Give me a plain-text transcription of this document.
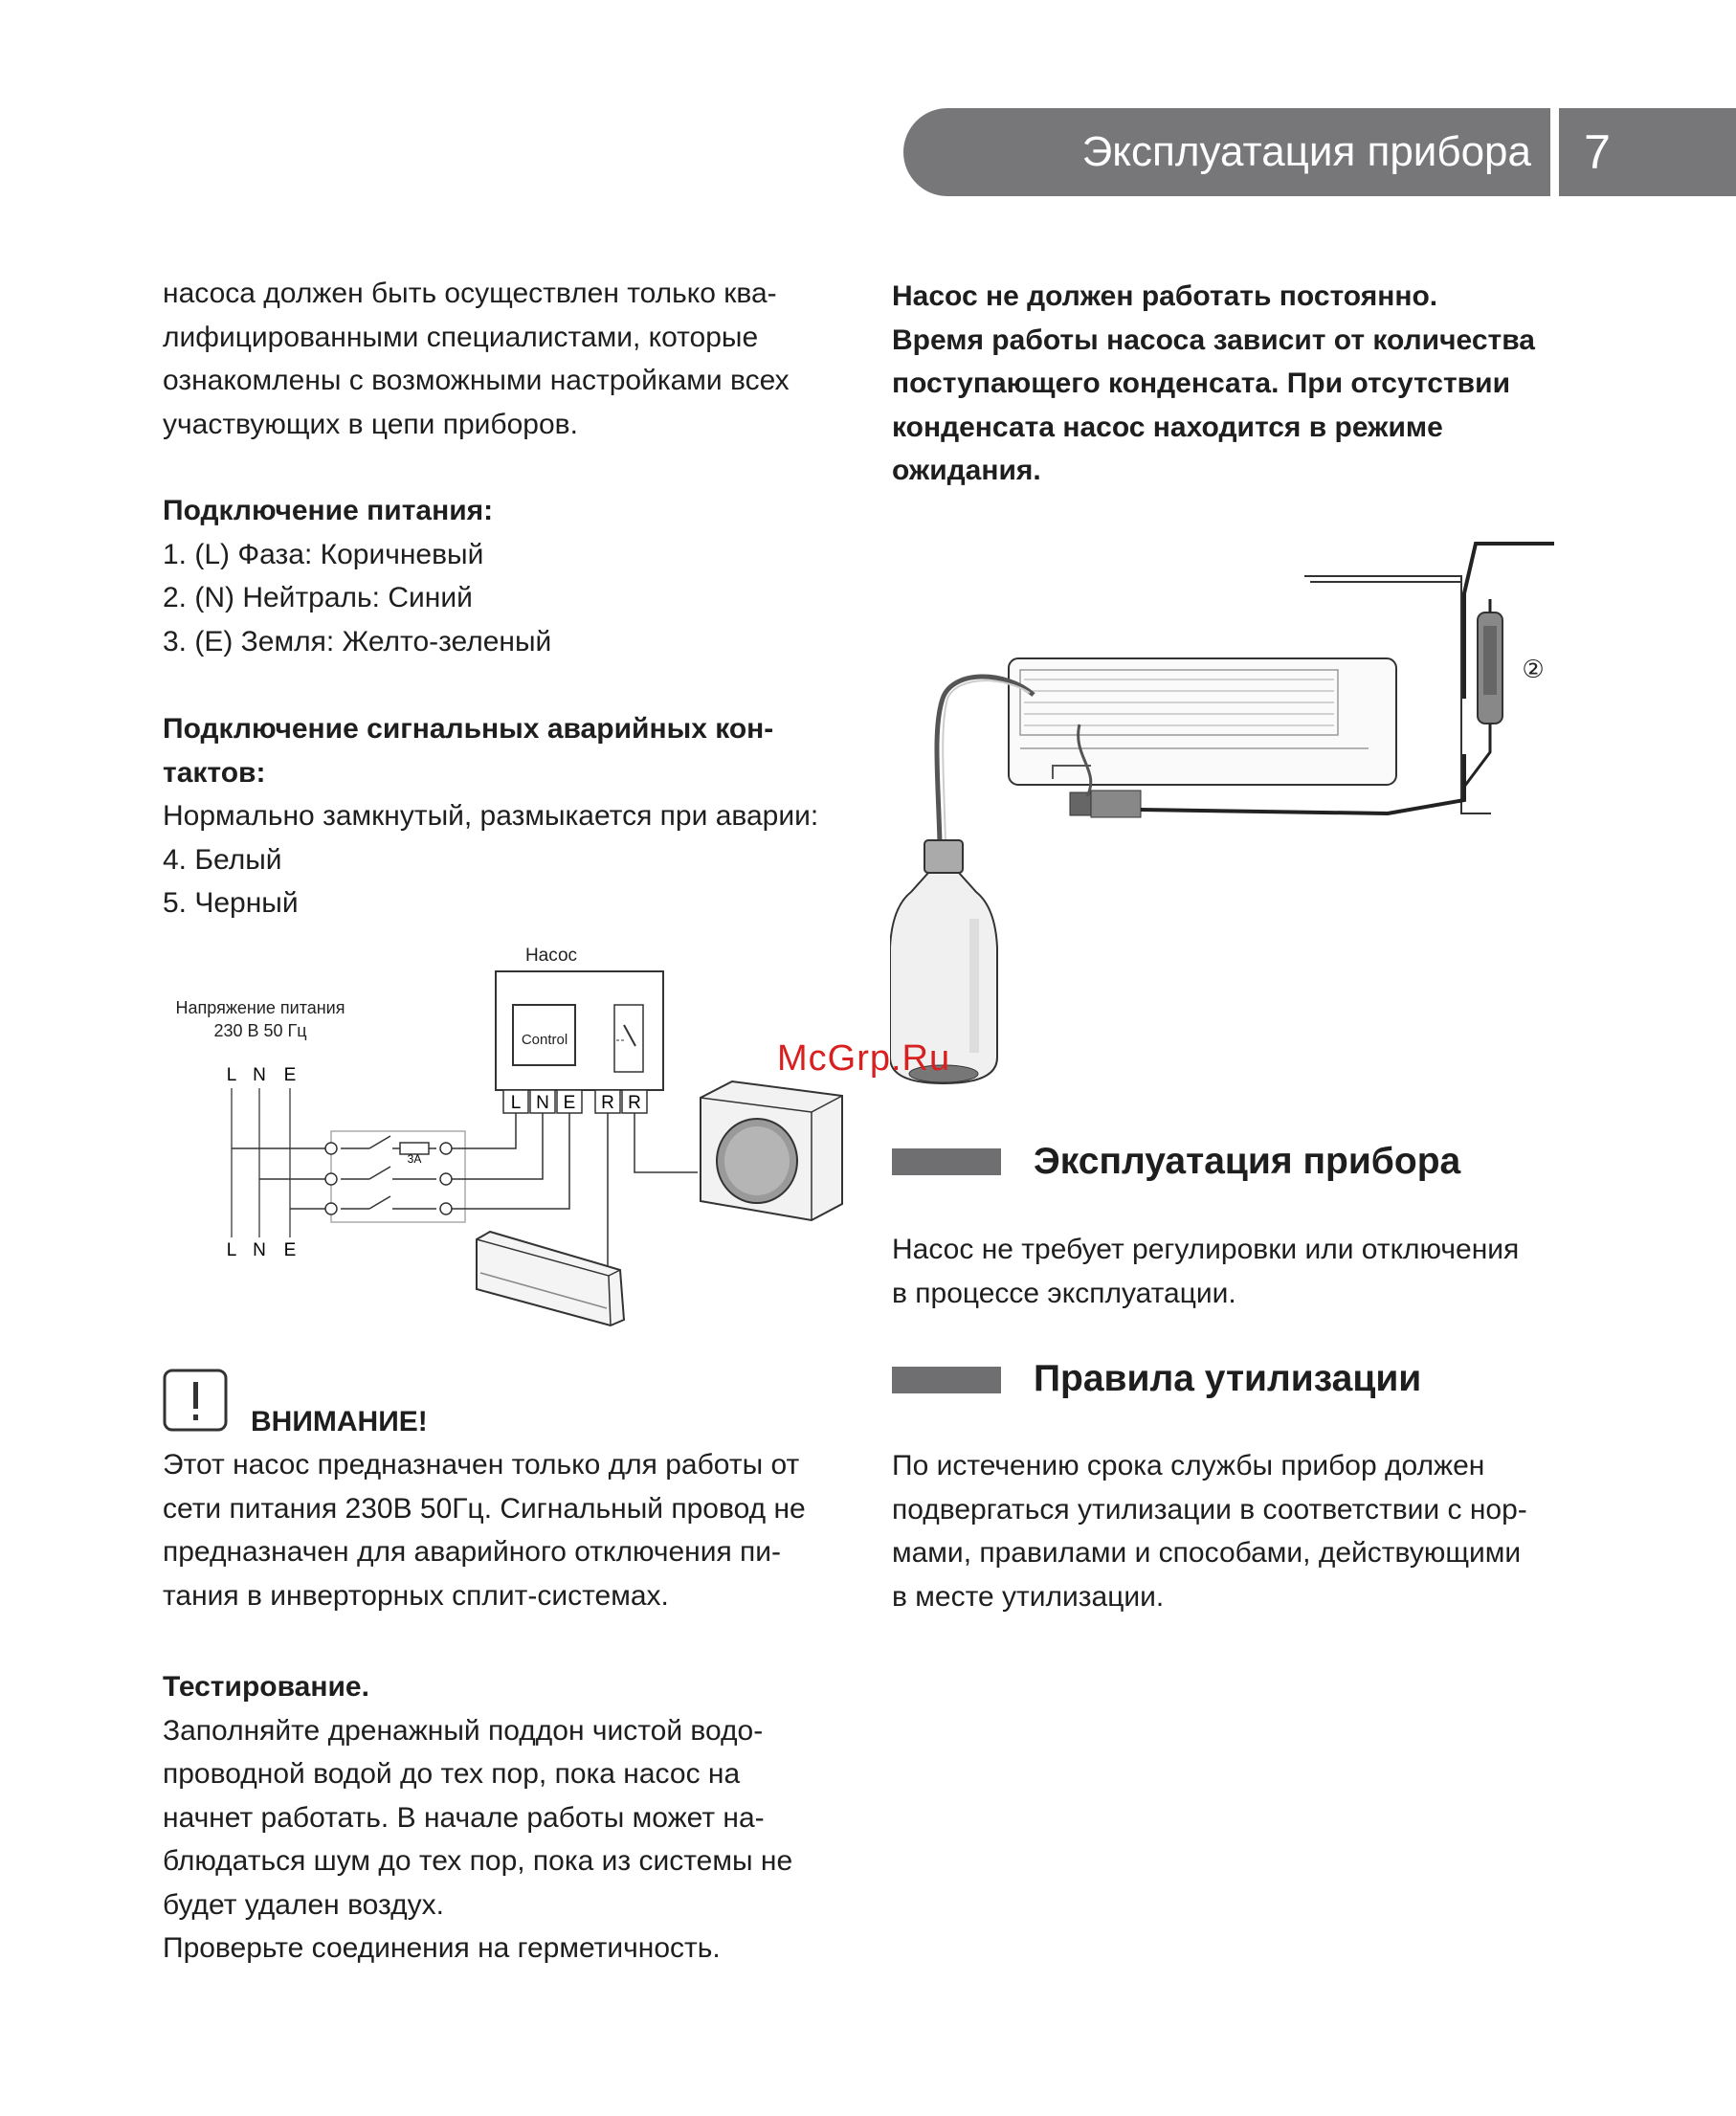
Эксплуатация прибора	7

насоса должен быть осуществлен только ква-

лифицированными специалистами, которые

ознакомлены с возможными настройками всех

участвующих в цепи приборов.

Подключение питания:

1. (L) Фаза: Коричневый

2. (N) Нейтраль: Синий

3. (E) Земля: Желто-зеленый

Подключение сигнальных аварийных кон-

тактов:

Нормально замкнутый, размыкается при аварии:

4. Белый

5. Черный

Насос
Напряжение питания
230 В 50 Гц	Control
L N E R R
L N E
L N E
3A
ВНИМАНИЕ!

Этот насос предназначен только для работы от

сети питания 230В 50Гц. Сигнальный провод не

предназначен для аварийного отключения пи-

тания в инверторных сплит-системах.

Тестирование.

Заполняйте дренажный поддон чистой водо-

проводной водой до тех пор, пока насос на

начнет работать. В начале работы может на-

блюдаться шум до тех пор, пока из системы не

будет удален воздух.

Проверьте соединения на герметичность.

Насос не должен работать постоянно.

Время работы насоса зависит от количества

поступающего конденсата. При отсутствии

конденсата насос находится в режиме

ожидания.

②
McGrp.Ru
Эксплуатация прибора

Насос не требует регулировки или отключения

в процессе эксплуатации.

Правила утилизации

По истечению срока службы прибор должен

подвергаться утилизации в соответствии с нор-

мами, правилами и способами, действующими

в месте утилизации.
